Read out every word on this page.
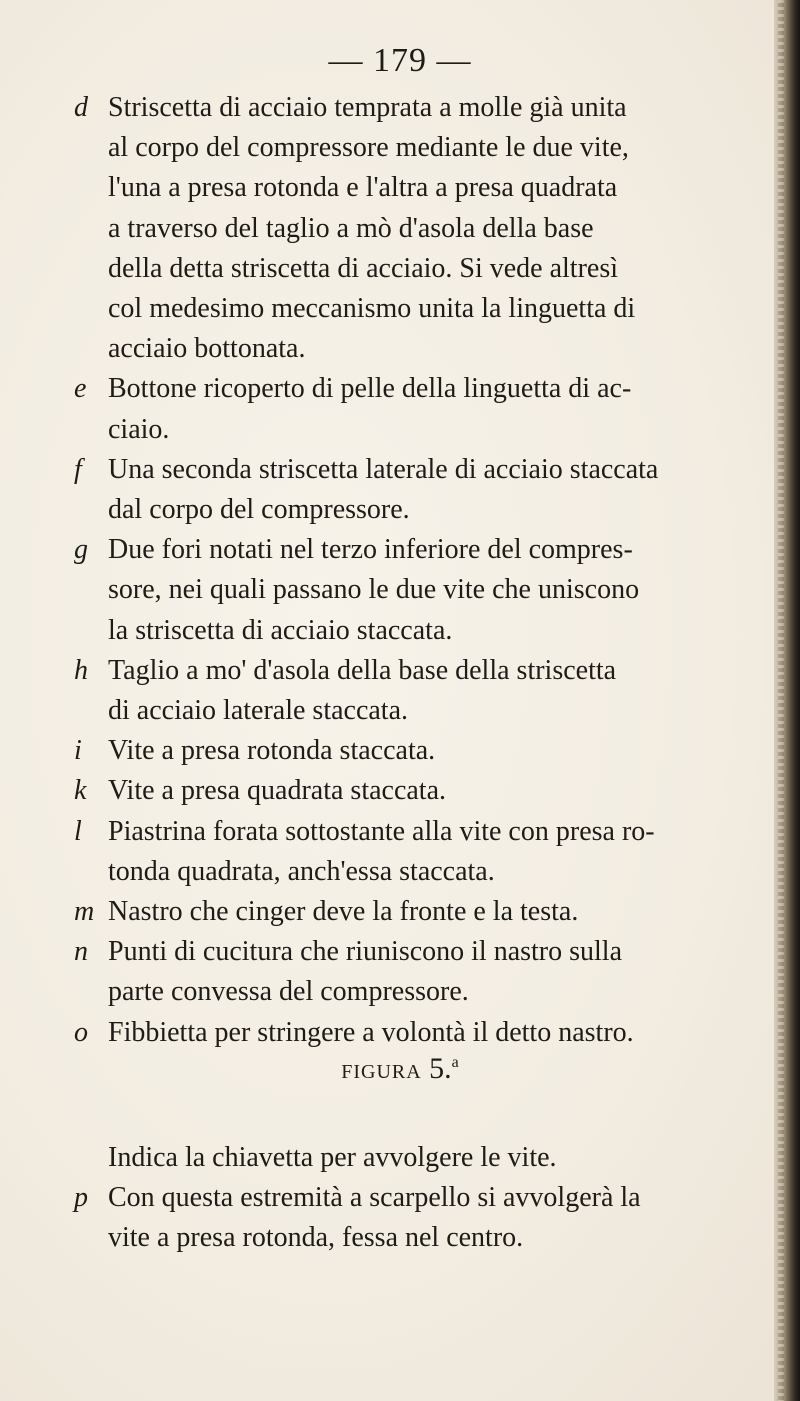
— 179 —
d Striscetta di acciaio temprata a molle già unita
al corpo del compressore mediante le due vite,
l'una a presa rotonda e l'altra a presa quadrata
a traverso del taglio a mò d'asola della base
della detta striscetta di acciaio. Si vede altresì
col medesimo meccanismo unita la linguetta di
acciaio bottonata.
e Bottone ricoperto di pelle della linguetta di ac-
ciaio.
f Una seconda striscetta laterale di acciaio staccata
dal corpo del compressore.
g Due fori notati nel terzo inferiore del compres-
sore, nei quali passano le due vite che uniscono
la striscetta di acciaio staccata.
h Taglio a mo' d'asola della base della striscetta
di acciaio laterale staccata.
i Vite a presa rotonda staccata.
k Vite a presa quadrata staccata.
l Piastrina forata sottostante alla vite con presa ro-
tonda quadrata, anch'essa staccata.
m Nastro che cinger deve la fronte e la testa.
n Punti di cucitura che riuniscono il nastro sulla
parte convessa del compressore.
o Fibbietta per stringere a volontà il detto nastro.
FIGURA 5.$^a$
Indica la chiavetta per avvolgere le vite.
p Con questa estremità a scarpello si avvolgerà la
vite a presa rotonda, fessa nel centro.
